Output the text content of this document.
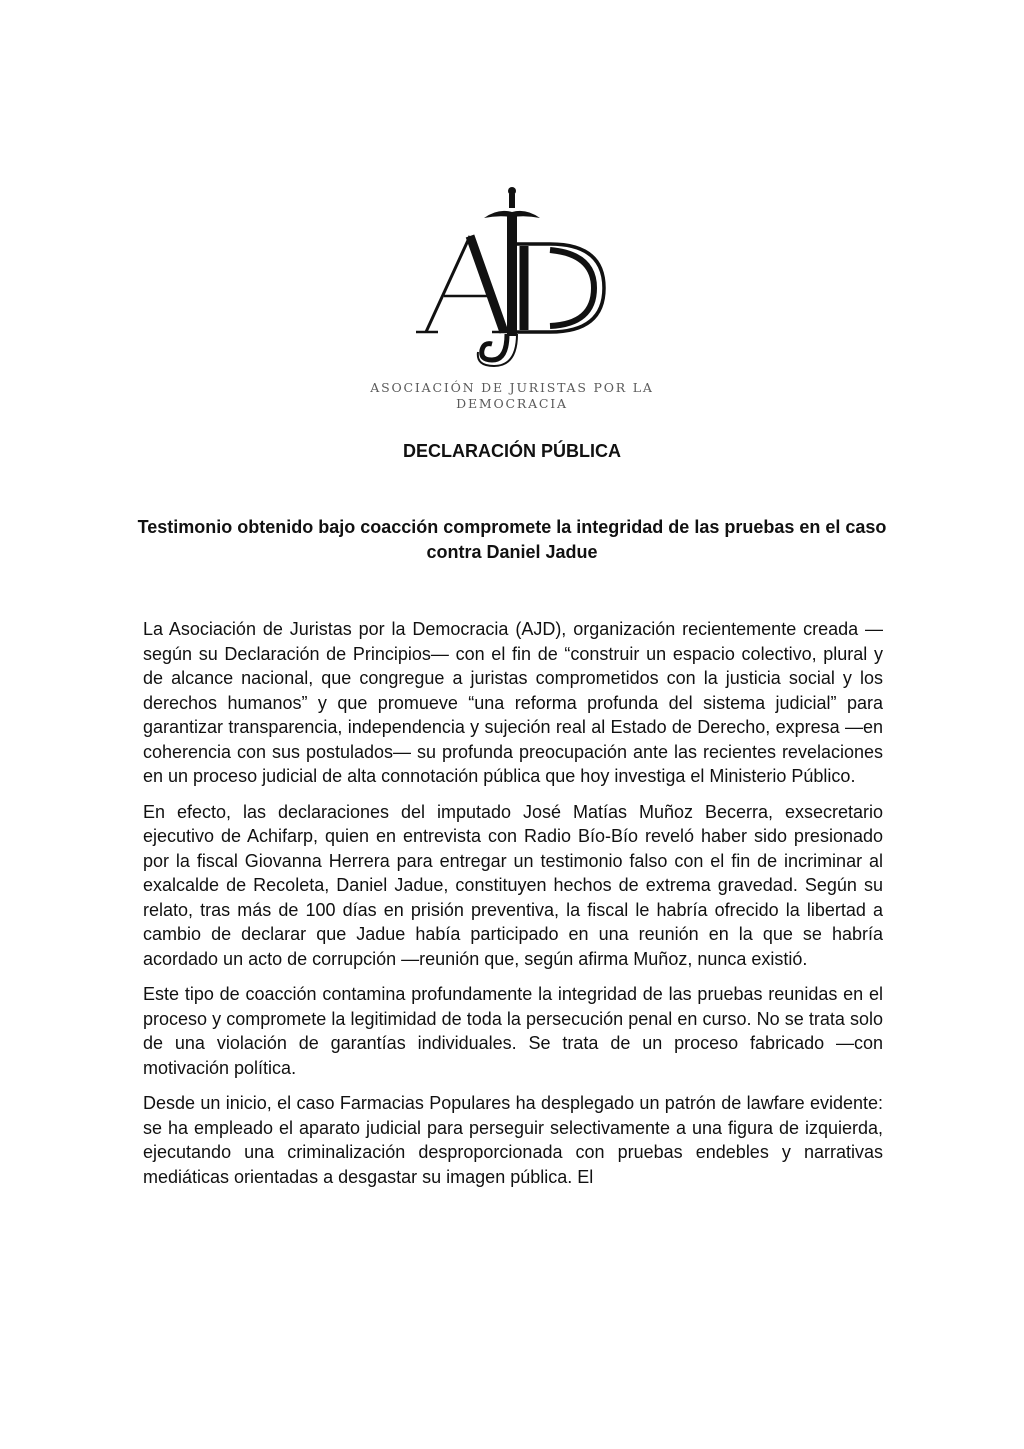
ASOCIACIÓN DE JURISTAS POR LA DEMOCRACIA
DECLARACIÓN PÚBLICA
Testimonio obtenido bajo coacción compromete la integridad de las pruebas en el caso contra Daniel Jadue

La Asociación de Juristas por la Democracia (AJD), organización recientemente creada —según su Declaración de Principios— con el fin de “construir un espacio colectivo, plural y de alcance nacional, que congregue a juristas comprometidos con la justicia social y los derechos humanos” y que promueve “una reforma profunda del sistema judicial” para garantizar transparencia, independencia y sujeción real al Estado de Derecho, expresa —en coherencia con sus postulados— su profunda preocupación ante las recientes revelaciones en un proceso judicial de alta connotación pública que hoy investiga el Ministerio Público.

En efecto, las declaraciones del imputado José Matías Muñoz Becerra, exsecretario ejecutivo de Achifarp, quien en entrevista con Radio Bío-Bío reveló haber sido presionado por la fiscal Giovanna Herrera para entregar un testimonio falso con el fin de incriminar al exalcalde de Recoleta, Daniel Jadue, constituyen hechos de extrema gravedad. Según su relato, tras más de 100 días en prisión preventiva, la fiscal le habría ofrecido la libertad a cambio de declarar que Jadue había participado en una reunión en la que se habría acordado un acto de corrupción —reunión que, según afirma Muñoz, nunca existió.

Este tipo de coacción contamina profundamente la integridad de las pruebas reunidas en el proceso y compromete la legitimidad de toda la persecución penal en curso. No se trata solo de una violación de garantías individuales. Se trata de un proceso fabricado —con motivación política.

Desde un inicio, el caso Farmacias Populares ha desplegado un patrón de lawfare evidente: se ha empleado el aparato judicial para perseguir selectivamente a una figura de izquierda, ejecutando una criminalización desproporcionada con pruebas endebles y narrativas mediáticas orientadas a desgastar su imagen pública. El
